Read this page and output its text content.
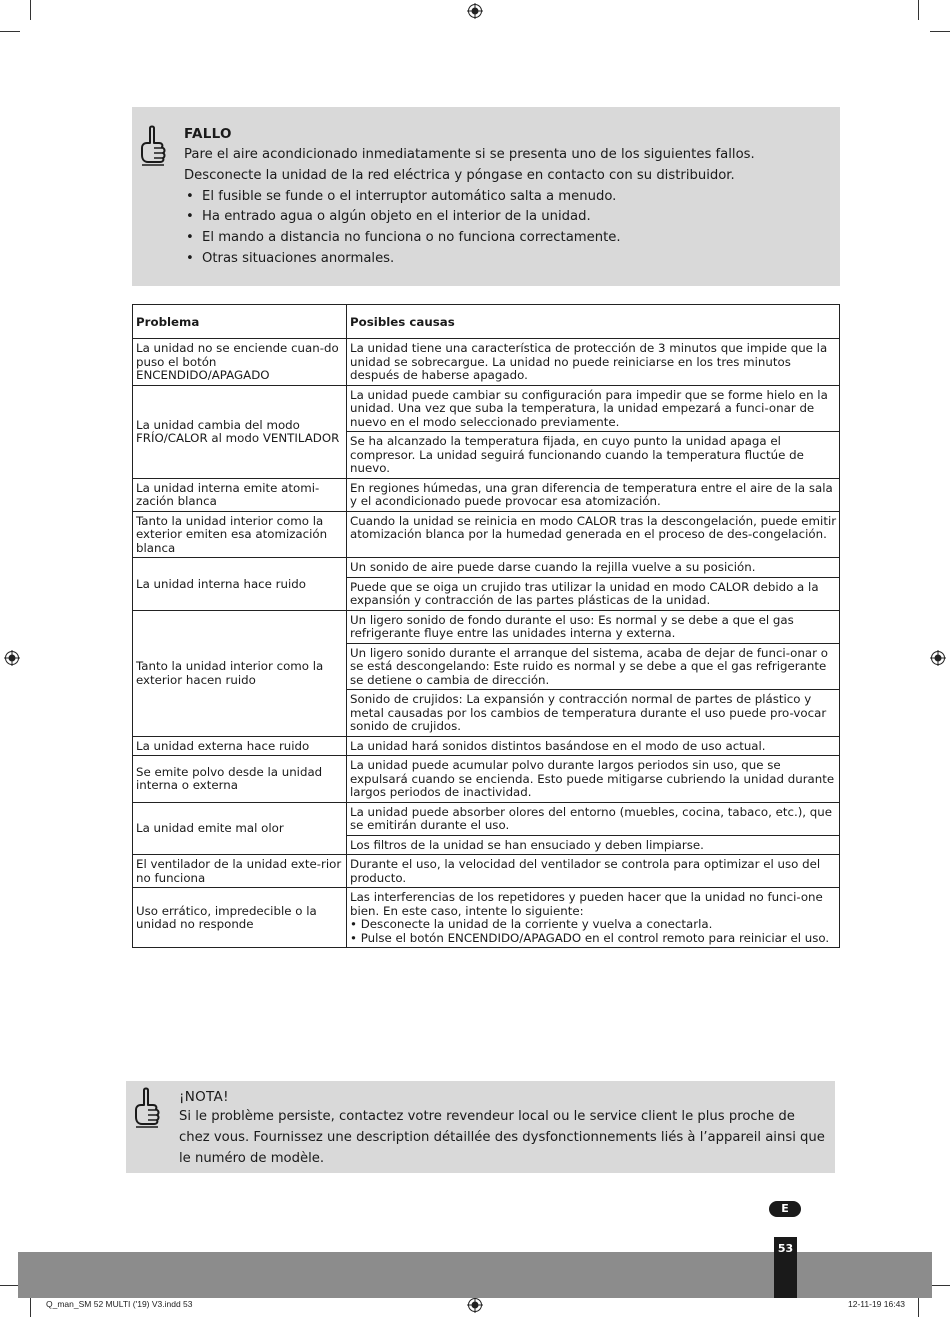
FALLO
Pare el aire acondicionado inmediatamente si se presenta uno de los siguientes fallos. Desconecte la unidad de la red eléctrica y póngase en contacto con su distribuidor.
• El fusible se funde o el interruptor automático salta a menudo.
• Ha entrado agua o algún objeto en el interior de la unidad.
• El mando a distancia no funciona o no funciona correctamente.
• Otras situaciones anormales.
Problema	Posibles causas
La unidad no se enciende cuan-do puso el botón ENCENDIDO/APAGADO	La unidad tiene una característica de protección de 3 minutos que impide que la unidad se sobrecargue. La unidad no puede reiniciarse en los tres minutos después de haberse apagado.
La unidad cambia del modo FRÍO/CALOR al modo VENTILADOR	La unidad puede cambiar su configuración para impedir que se forme hielo en la unidad. Una vez que suba la temperatura, la unidad empezará a funci-onar de nuevo en el modo seleccionado previamente.
	Se ha alcanzado la temperatura fijada, en cuyo punto la unidad apaga el compresor. La unidad seguirá funcionando cuando la temperatura fluctúe de nuevo.
La unidad interna emite atomi-zación blanca	En regiones húmedas, una gran diferencia de temperatura entre el aire de la sala y el acondicionado puede provocar esa atomización.
Tanto la unidad interior como la exterior emiten esa atomización blanca	Cuando la unidad se reinicia en modo CALOR tras la descongelación, puede emitir atomización blanca por la humedad generada en el proceso de des-congelación.
La unidad interna hace ruido	Un sonido de aire puede darse cuando la rejilla vuelve a su posición.
	Puede que se oiga un crujido tras utilizar la unidad en modo CALOR debido a la expansión y contracción de las partes plásticas de la unidad.
Tanto la unidad interior como la exterior hacen ruido	Un ligero sonido de fondo durante el uso: Es normal y se debe a que el gas refrigerante fluye entre las unidades interna y externa.
	Un ligero sonido durante el arranque del sistema, acaba de dejar de funci-onar o se está descongelando: Este ruido es normal y se debe a que el gas refrigerante se detiene o cambia de dirección.
	Sonido de crujidos: La expansión y contracción normal de partes de plástico y metal causadas por los cambios de temperatura durante el uso puede pro-vocar sonido de crujidos.
La unidad externa hace ruido	La unidad hará sonidos distintos basándose en el modo de uso actual.
Se emite polvo desde la unidad interna o externa	La unidad puede acumular polvo durante largos periodos sin uso, que se expulsará cuando se encienda. Esto puede mitigarse cubriendo la unidad durante largos periodos de inactividad.
La unidad emite mal olor	La unidad puede absorber olores del entorno (muebles, cocina, tabaco, etc.), que se emitirán durante el uso.
	Los filtros de la unidad se han ensuciado y deben limpiarse.
El ventilador de la unidad exte-rior no funciona	Durante el uso, la velocidad del ventilador se controla para optimizar el uso del producto.
Uso errático, impredecible o la unidad no responde	Las interferencias de los repetidores y pueden hacer que la unidad no funci-one bien. En este caso, intente lo siguiente:
• Desconecte la unidad de la corriente y vuelva a conectarla.
• Pulse el botón ENCENDIDO/APAGADO en el control remoto para reiniciar el uso.
¡NOTA!
Si le problème persiste, contactez votre revendeur local ou le service client le plus proche de chez vous. Fournissez une description détaillée des dysfonctionnements liés à l’appareil ainsi que le numéro de modèle.
E
53
Q_man_SM 52 MULTI ('19) V3.indd 53	12-11-19 16:43
